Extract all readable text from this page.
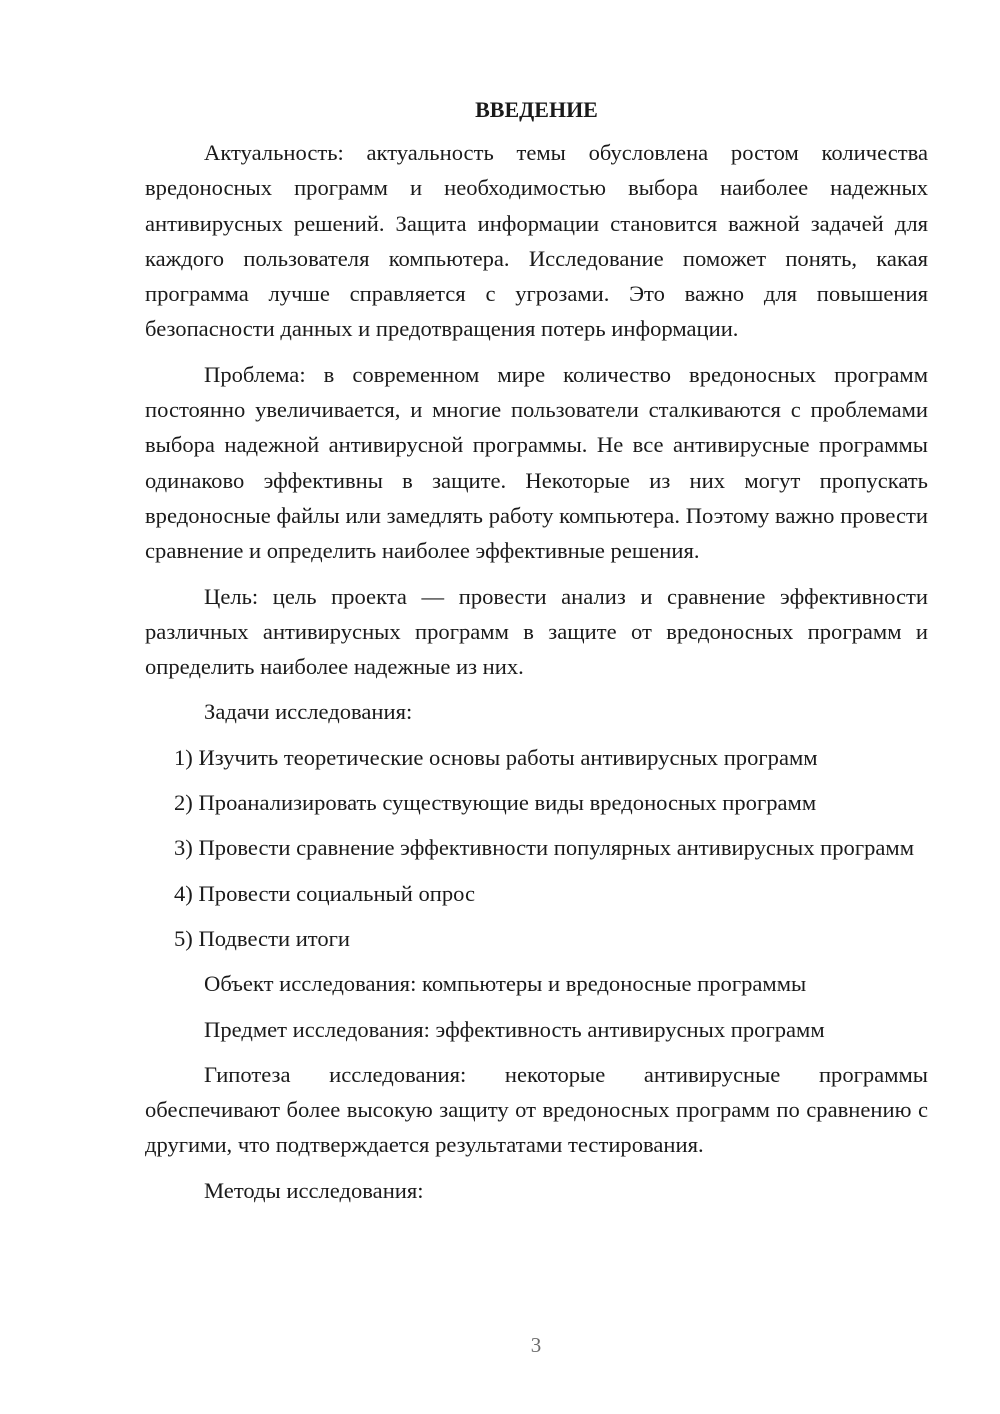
ВВЕДЕНИЕ

Актуальность: актуальность темы обусловлена ростом количества вредоносных программ и необходимостью выбора наиболее надежных антивирусных решений. Защита информации становится важной задачей для каждого пользователя компьютера. Исследование поможет понять, какая программа лучше справляется с угрозами. Это важно для повышения безопасности данных и предотвращения потерь информации.

Проблема: в современном мире количество вредоносных программ постоянно увеличивается, и многие пользователи сталкиваются с проблемами выбора надежной антивирусной программы. Не все антивирусные программы одинаково эффективны в защите. Некоторые из них могут пропускать вредоносные файлы или замедлять работу компьютера. Поэтому важно провести сравнение и определить наиболее эффективные решения.

Цель: цель проекта — провести анализ и сравнение эффективности различных антивирусных программ в защите от вредоносных программ и определить наиболее надежные из них.

Задачи исследования:

1) Изучить теоретические основы работы антивирусных программ

2) Проанализировать существующие виды вредоносных программ

3) Провести сравнение эффективности популярных антивирусных программ

4) Провести социальный опрос

5) Подвести итоги

Объект исследования: компьютеры и вредоносные программы

Предмет исследования: эффективность антивирусных программ

Гипотеза исследования: некоторые антивирусные программы обеспечивают более высокую защиту от вредоносных программ по сравнению с другими, что подтверждается результатами тестирования.

Методы исследования:

3
